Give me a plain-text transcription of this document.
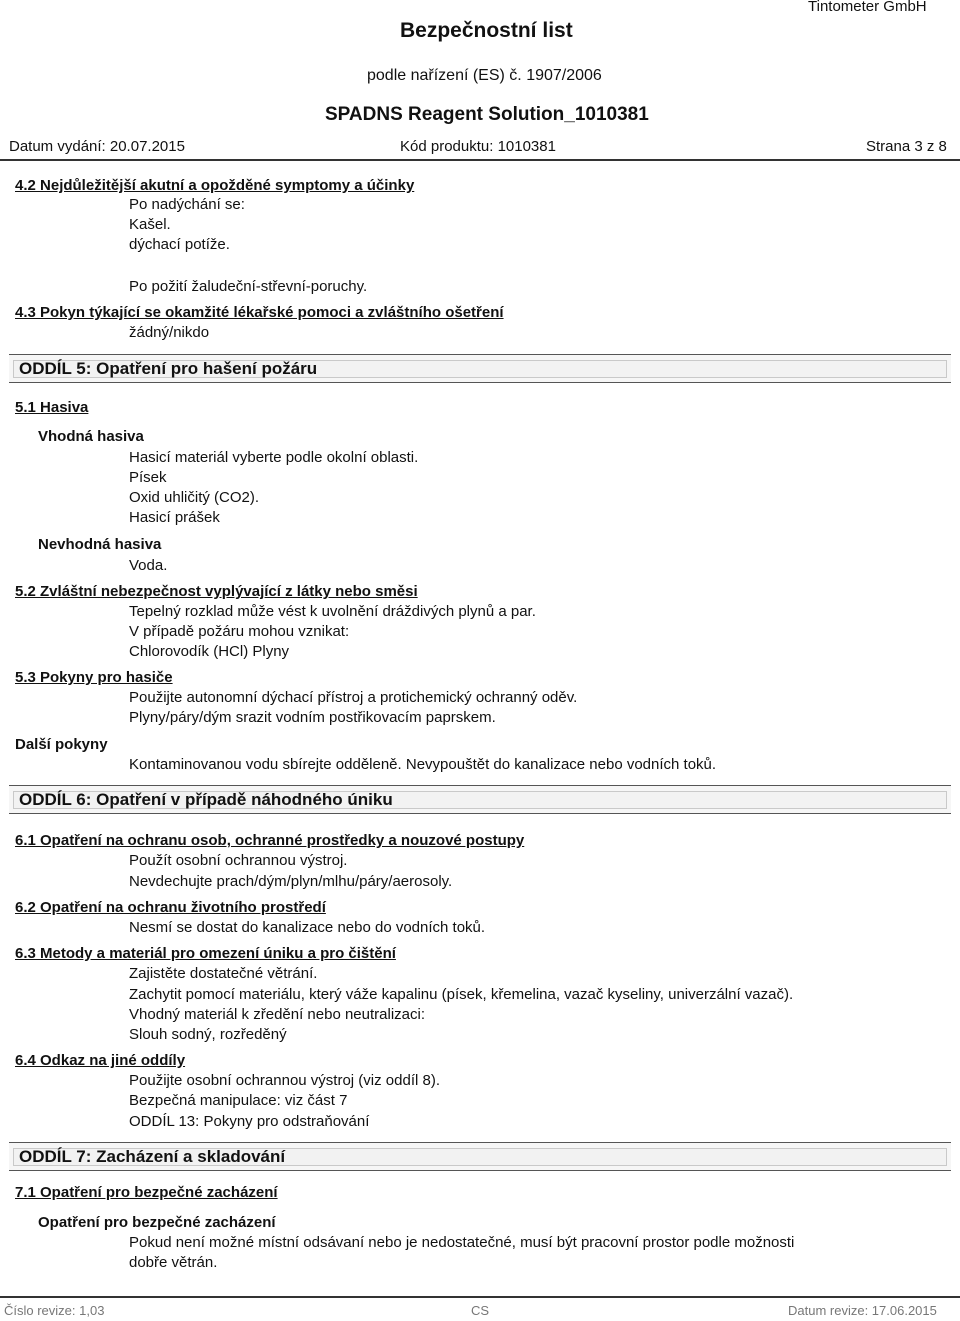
Bezpečnostní list
Tintometer GmbH
podle nařízení (ES) č. 1907/2006
SPADNS Reagent Solution_1010381
Datum vydání: 20.07.2015	Kód produktu: 1010381	Strana 3 z 8
4.2 Nejdůležitější akutní a opožděné symptomy a účinky
Po nadýchání se:
Kašel.
dýchací potíže.
Po požití žaludeční-střevní-poruchy.
4.3 Pokyn týkající se okamžité lékařské pomoci a zvláštního ošetření
žádný/nikdo
ODDÍL 5: Opatření pro hašení požáru
5.1 Hasiva
Vhodná hasiva
Hasicí materiál vyberte podle okolní oblasti.
Písek
Oxid uhličitý (CO2).
Hasicí prášek
Nevhodná hasiva
Voda.
5.2 Zvláštní nebezpečnost vyplývající z látky nebo směsi
Tepelný rozklad může vést k uvolnění dráždivých plynů a par.
V případě požáru mohou vznikat:
Chlorovodík (HCl) Plyny
5.3 Pokyny pro hasiče
Použijte autonomní dýchací přístroj a protichemický ochranný oděv.
Plyny/páry/dým srazit vodním postřikovacím paprskem.
Další pokyny
Kontaminovanou vodu sbírejte odděleně. Nevypouštět do kanalizace nebo vodních toků.
ODDÍL 6: Opatření v případě náhodného úniku
6.1 Opatření na ochranu osob, ochranné prostředky a nouzové postupy
Použít osobní ochrannou výstroj.
Nevdechujte prach/dým/plyn/mlhu/páry/aerosoly.
6.2 Opatření na ochranu životního prostředí
Nesmí se dostat do kanalizace nebo do vodních toků.
6.3 Metody a materiál pro omezení úniku a pro čištění
Zajistěte dostatečné větrání.
Zachytit pomocí materiálu, který váže kapalinu (písek, křemelina, vazač kyseliny, univerzální vazač).
Vhodný materiál k zředění nebo neutralizaci:
Slouh sodný, rozředěný
6.4 Odkaz na jiné oddíly
Použijte osobní ochrannou výstroj (viz oddíl 8).
Bezpečná manipulace: viz část 7
ODDÍL 13: Pokyny pro odstraňování
ODDÍL 7: Zacházení a skladování
7.1 Opatření pro bezpečné zacházení
Opatření pro bezpečné zacházení
Pokud není možné místní odsávaní nebo je nedostatečné, musí být pracovní prostor podle možnosti
dobře větrán.
Číslo revize: 1,03	CS	Datum revize: 17.06.2015
